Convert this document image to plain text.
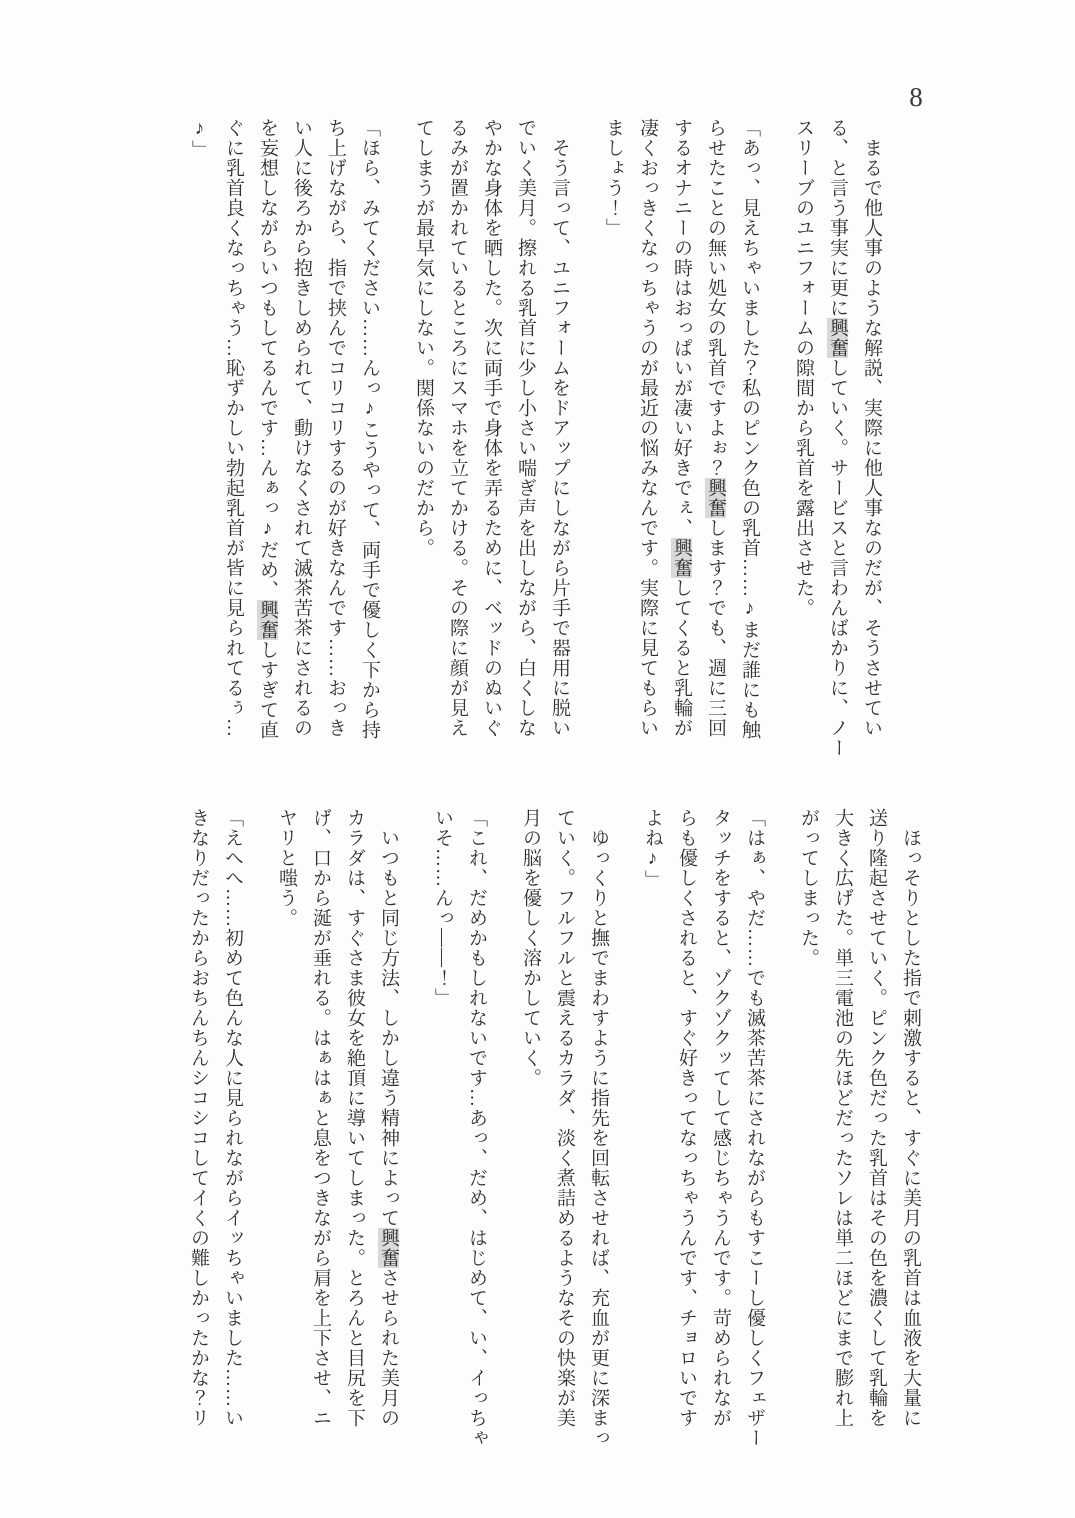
8
まるで他人事のような解説、実際に他人事なのだが、そうさせてい
る、と言う事実に更に興奮していく。サービスと言わんばかりに、ノー
スリーブのユニフォームの隙間から乳首を露出させた。
「あっ、見えちゃいました？私のピンク色の乳首……♪まだ誰にも触
らせたことの無い処女の乳首ですよぉ？興奮します？でも、週に三回
するオナニーの時はおっぱいが凄い好きでぇ、興奮してくると乳輪が
凄くおっきくなっちゃうのが最近の悩みなんです。実際に見てもらい
ましょう！」
そう言って、ユニフォームをドアップにしながら片手で器用に脱い
でいく美月。擦れる乳首に少し小さい喘ぎ声を出しながら、白くしな
やかな身体を晒した。次に両手で身体を弄るために、ベッドのぬいぐ
るみが置かれているところにスマホを立てかける。その際に顔が見え
てしまうが最早気にしない。関係ないのだから。
「ほら、みてください……んっ♪こうやって、両手で優しく下から持
ち上げながら、指で挟んでコリコリするのが好きなんです……おっき
い人に後ろから抱きしめられて、動けなくされて滅茶苦茶にされるの
を妄想しながらいつもしてるんです…んぁっ♪だめ、興奮しすぎて直
ぐに乳首良くなっちゃう…恥ずかしい勃起乳首が皆に見られてるぅ…
♪」
ほっそりとした指で刺激すると、すぐに美月の乳首は血液を大量に
送り隆起させていく。ピンク色だった乳首はその色を濃くして乳輪を
大きく広げた。単三電池の先ほどだったソレは単二ほどにまで膨れ上
がってしまった。
「はぁ、やだ……でも滅茶苦茶にされながらもすこーし優しくフェザー
タッチをすると、ゾクゾクッてして感じちゃうんです。苛められなが
らも優しくされると、すぐ好きってなっちゃうんです、チョロいです
よね♪」
ゆっくりと撫でまわすように指先を回転させれば、充血が更に深まっ
ていく。フルフルと震えるカラダ、淡く煮詰めるようなその快楽が美
月の脳を優しく溶かしていく。
「これ、だめかもしれないです…あっ、だめ、はじめて、い、イっちゃ
いそ……んっ――！」
いつもと同じ方法、しかし違う精神によって興奮させられた美月の
カラダは、すぐさま彼女を絶頂に導いてしまった。とろんと目尻を下
げ、口から涎が垂れる。はぁはぁと息をつきながら肩を上下させ、ニ
ヤリと嗤う。
「えへへ……初めて色んな人に見られながらイッちゃいました……い
きなりだったからおちんちんシコシコしてイくの難しかったかな？リ
